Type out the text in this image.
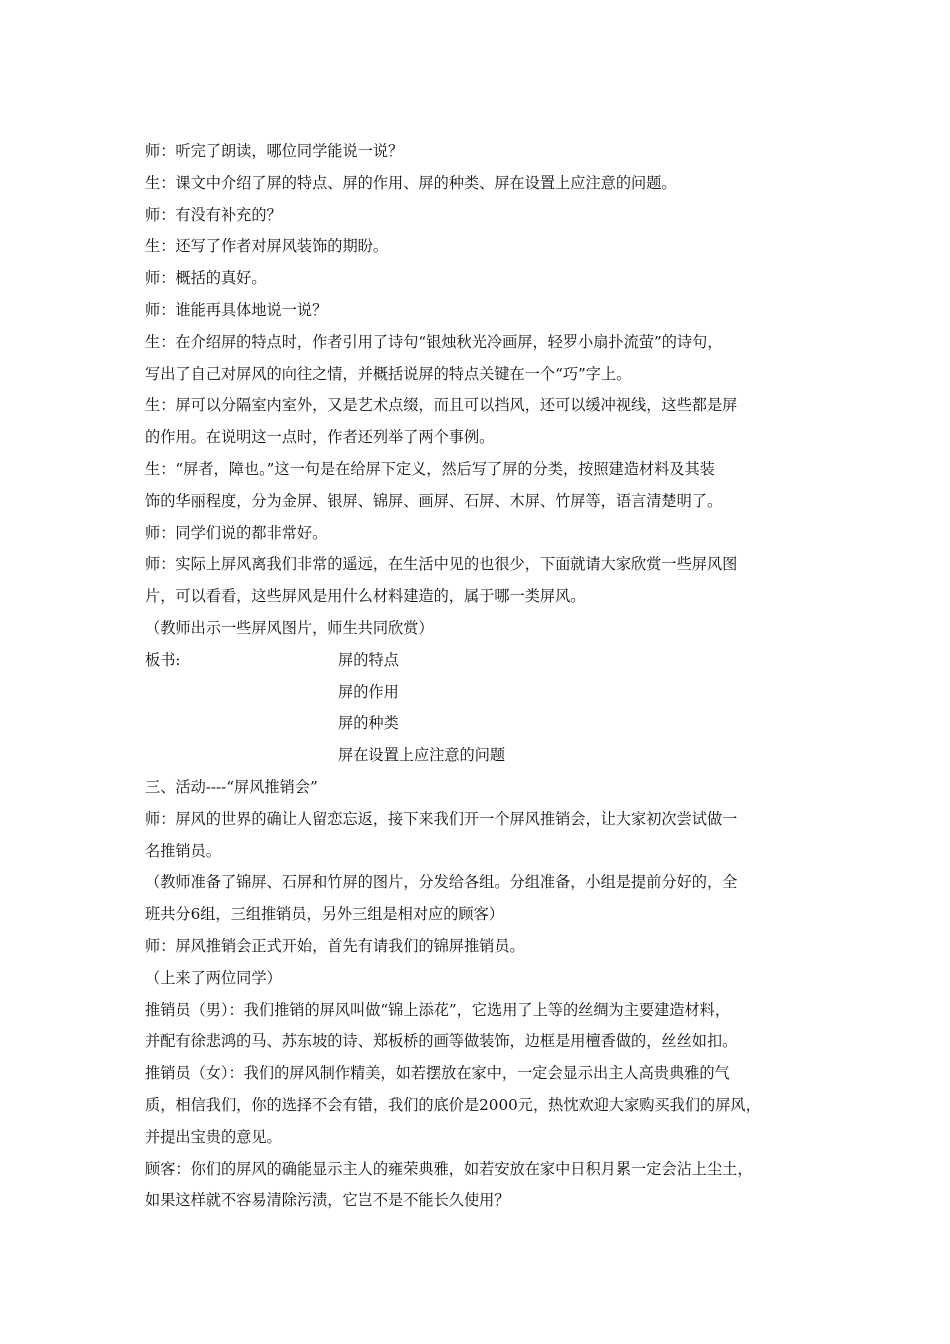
师：听完了朗读，哪位同学能说一说？
生：课文中介绍了屏的特点、屏的作用、屏的种类、屏在设置上应注意的问题。
师：有没有补充的？
生：还写了作者对屏风装饰的期盼。
师：概括的真好。
师：谁能再具体地说一说？
生：在介绍屏的特点时，作者引用了诗句“银烛秋光冷画屏，轻罗小扇扑流萤”的诗句，
写出了自己对屏风的向往之情，并概括说屏的特点关键在一个“巧”字上。
生：屏可以分隔室内室外，又是艺术点缀，而且可以挡风，还可以缓冲视线，这些都是屏
的作用。在说明这一点时，作者还列举了两个事例。
生：“屏者，障也。”这一句是在给屏下定义，然后写了屏的分类，按照建造材料及其装
饰的华丽程度，分为金屏、银屏、锦屏、画屏、石屏、木屏、竹屏等，语言清楚明了。
师：同学们说的都非常好。
师：实际上屏风离我们非常的遥远，在生活中见的也很少，下面就请大家欣赏一些屏风图
片，可以看看，这些屏风是用什么材料建造的，属于哪一类屏风。
（教师出示一些屏风图片，师生共同欣赏）
板书:	屏的特点
屏的作用
屏的种类
屏在设置上应注意的问题
三、活动----“屏风推销会”
师：屏风的世界的确让人留恋忘返，接下来我们开一个屏风推销会，让大家初次尝试做一
名推销员。
（教师准备了锦屏、石屏和竹屏的图片，分发给各组。分组准备，小组是提前分好的，全
班共分6组，三组推销员，另外三组是相对应的顾客）
师：屏风推销会正式开始，首先有请我们的锦屏推销员。
（上来了两位同学）
推销员（男）：我们推销的屏风叫做“锦上添花”，它选用了上等的丝绸为主要建造材料，
并配有徐悲鸿的马、苏东坡的诗、郑板桥的画等做装饰，边框是用檀香做的，丝丝如扣。
推销员（女）：我们的屏风制作精美，如若摆放在家中，一定会显示出主人高贵典雅的气
质，相信我们，你的选择不会有错，我们的底价是2000元，热忱欢迎大家购买我们的屏风，
并提出宝贵的意见。
顾客：你们的屏风的确能显示主人的雍荣典雅，如若安放在家中日积月累一定会沾上尘土，
如果这样就不容易清除污渍，它岂不是不能长久使用？
